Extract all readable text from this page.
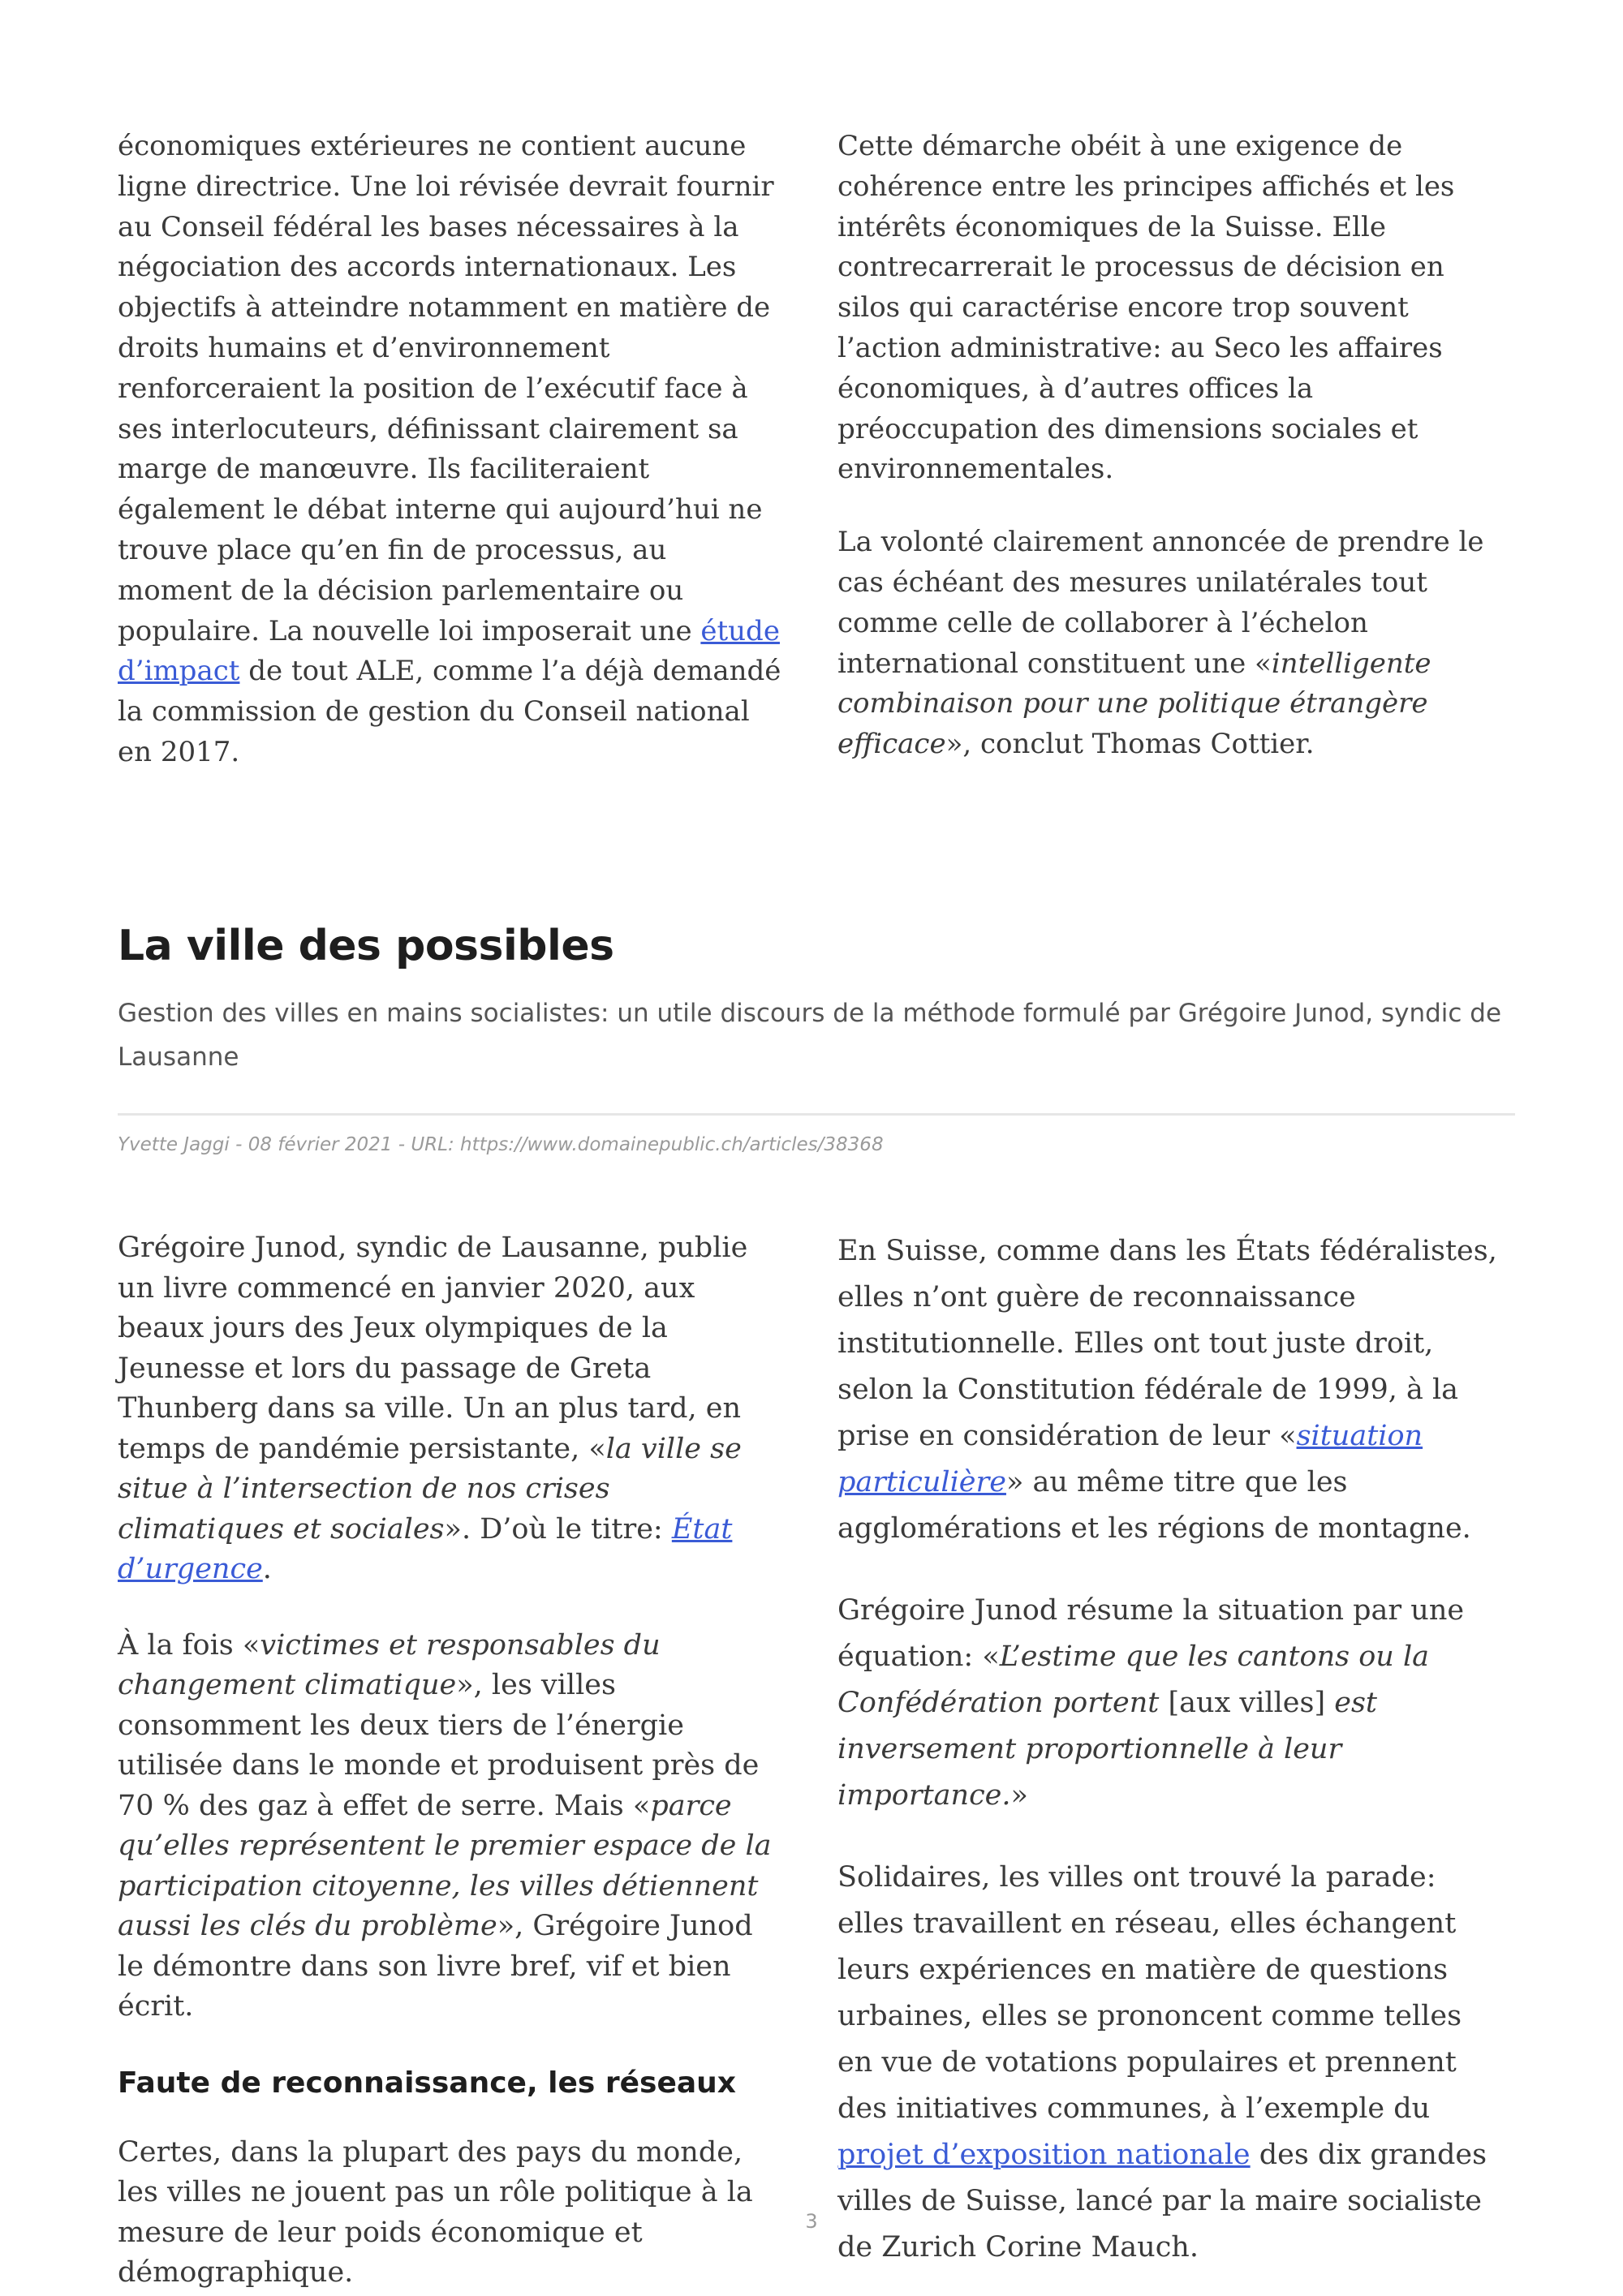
économiques extérieures ne contient aucune ligne directrice. Une loi révisée devrait fournir au Conseil fédéral les bases nécessaires à la négociation des accords internationaux. Les objectifs à atteindre notamment en matière de droits humains et d’environnement renforceraient la position de l’exécutif face à ses interlocuteurs, définissant clairement sa marge de manœuvre. Ils faciliteraient également le débat interne qui aujourd’hui ne trouve place qu’en fin de processus, au moment de la décision parlementaire ou populaire. La nouvelle loi imposerait une étude d’impact de tout ALE, comme l’a déjà demandé la commission de gestion du Conseil national en 2017.

Cette démarche obéit à une exigence de cohérence entre les principes affichés et les intérêts économiques de la Suisse. Elle contrecarrerait le processus de décision en silos qui caractérise encore trop souvent l’action administrative: au Seco les affaires économiques, à d’autres offices la préoccupation des dimensions sociales et environnementales.

La volonté clairement annoncée de prendre le cas échéant des mesures unilatérales tout comme celle de collaborer à l’échelon international constituent une «intelligente combinaison pour une politique étrangère efficace», conclut Thomas Cottier.

La ville des possibles

Gestion des villes en mains socialistes: un utile discours de la méthode formulé par Grégoire Junod, syndic de Lausanne

Yvette Jaggi - 08 février 2021 - URL: https://www.domainepublic.ch/articles/38368

Grégoire Junod, syndic de Lausanne, publie un livre commencé en janvier 2020, aux beaux jours des Jeux olympiques de la Jeunesse et lors du passage de Greta Thunberg dans sa ville. Un an plus tard, en temps de pandémie persistante, «la ville se situe à l’intersection de nos crises climatiques et sociales». D’où le titre: État d’urgence.

À la fois «victimes et responsables du changement climatique», les villes consomment les deux tiers de l’énergie utilisée dans le monde et produisent près de 70 % des gaz à effet de serre. Mais «parce qu’elles représentent le premier espace de la participation citoyenne, les villes détiennent aussi les clés du problème», Grégoire Junod le démontre dans son livre bref, vif et bien écrit.

Faute de reconnaissance, les réseaux

Certes, dans la plupart des pays du monde, les villes ne jouent pas un rôle politique à la mesure de leur poids économique et démographique.

En Suisse, comme dans les États fédéralistes, elles n’ont guère de reconnaissance institutionnelle. Elles ont tout juste droit, selon la Constitution fédérale de 1999, à la prise en considération de leur «situation particulière» au même titre que les agglomérations et les régions de montagne.

Grégoire Junod résume la situation par une équation: «L’estime que les cantons ou la Confédération portent [aux villes] est inversement proportionnelle à leur importance.»

Solidaires, les villes ont trouvé la parade: elles travaillent en réseau, elles échangent leurs expériences en matière de questions urbaines, elles se prononcent comme telles en vue de votations populaires et prennent des initiatives communes, à l’exemple du projet d’exposition nationale des dix grandes villes de Suisse, lancé par la maire socialiste de Zurich Corine Mauch.

3
